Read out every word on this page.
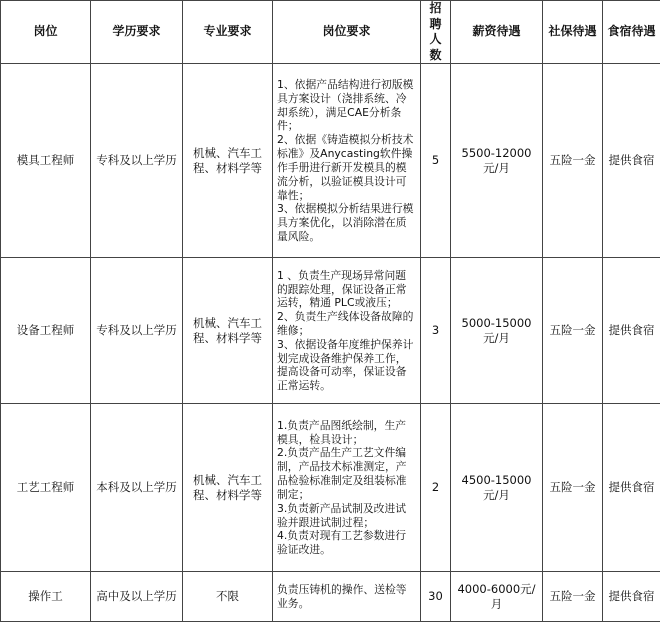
岗位	学历要求	专业要求	岗位要求	招聘人数	薪资待遇	社保待遇	食宿待遇
模具工程师	专科及以上学历	机械、汽车工程、材料学等	1、依据产品结构进行初版模具方案设计（浇排系统、冷却系统），满足CAE分析条件；
2、依据《铸造模拟分析技术标准》及Anycasting软件操作手册进行新开发模具的模流分析，以验证模具设计可靠性；
3、依据模拟分析结果进行模具方案优化，以消除潜在质量风险。	5	5500-12000元/月	五险一金	提供食宿
设备工程师	专科及以上学历	机械、汽车工程、材料学等	1 、负责生产现场异常问题的跟踪处理，保证设备正常运转，精通 PLC或液压；
2、负责生产线体设备故障的维修；
3、依据设备年度维护保养计划完成设备维护保养工作，提高设备可动率，保证设备正常运转。	3	5000-15000元/月	五险一金	提供食宿
工艺工程师	本科及以上学历	机械、汽车工程、材料学等	1.负责产品图纸绘制，生产模具，检具设计；
2.负责产品生产工艺文件编制，产品技术标准测定，产品检验标准制定及组装标准制定；
3.负责新产品试制及改进试验并跟进试制过程；
4.负责对现有工艺参数进行验证改进。	2	4500-15000元/月	五险一金	提供食宿
操作工	高中及以上学历	不限	负责压铸机的操作、送检等业务。	30	4000-6000元/月	五险一金	提供食宿
